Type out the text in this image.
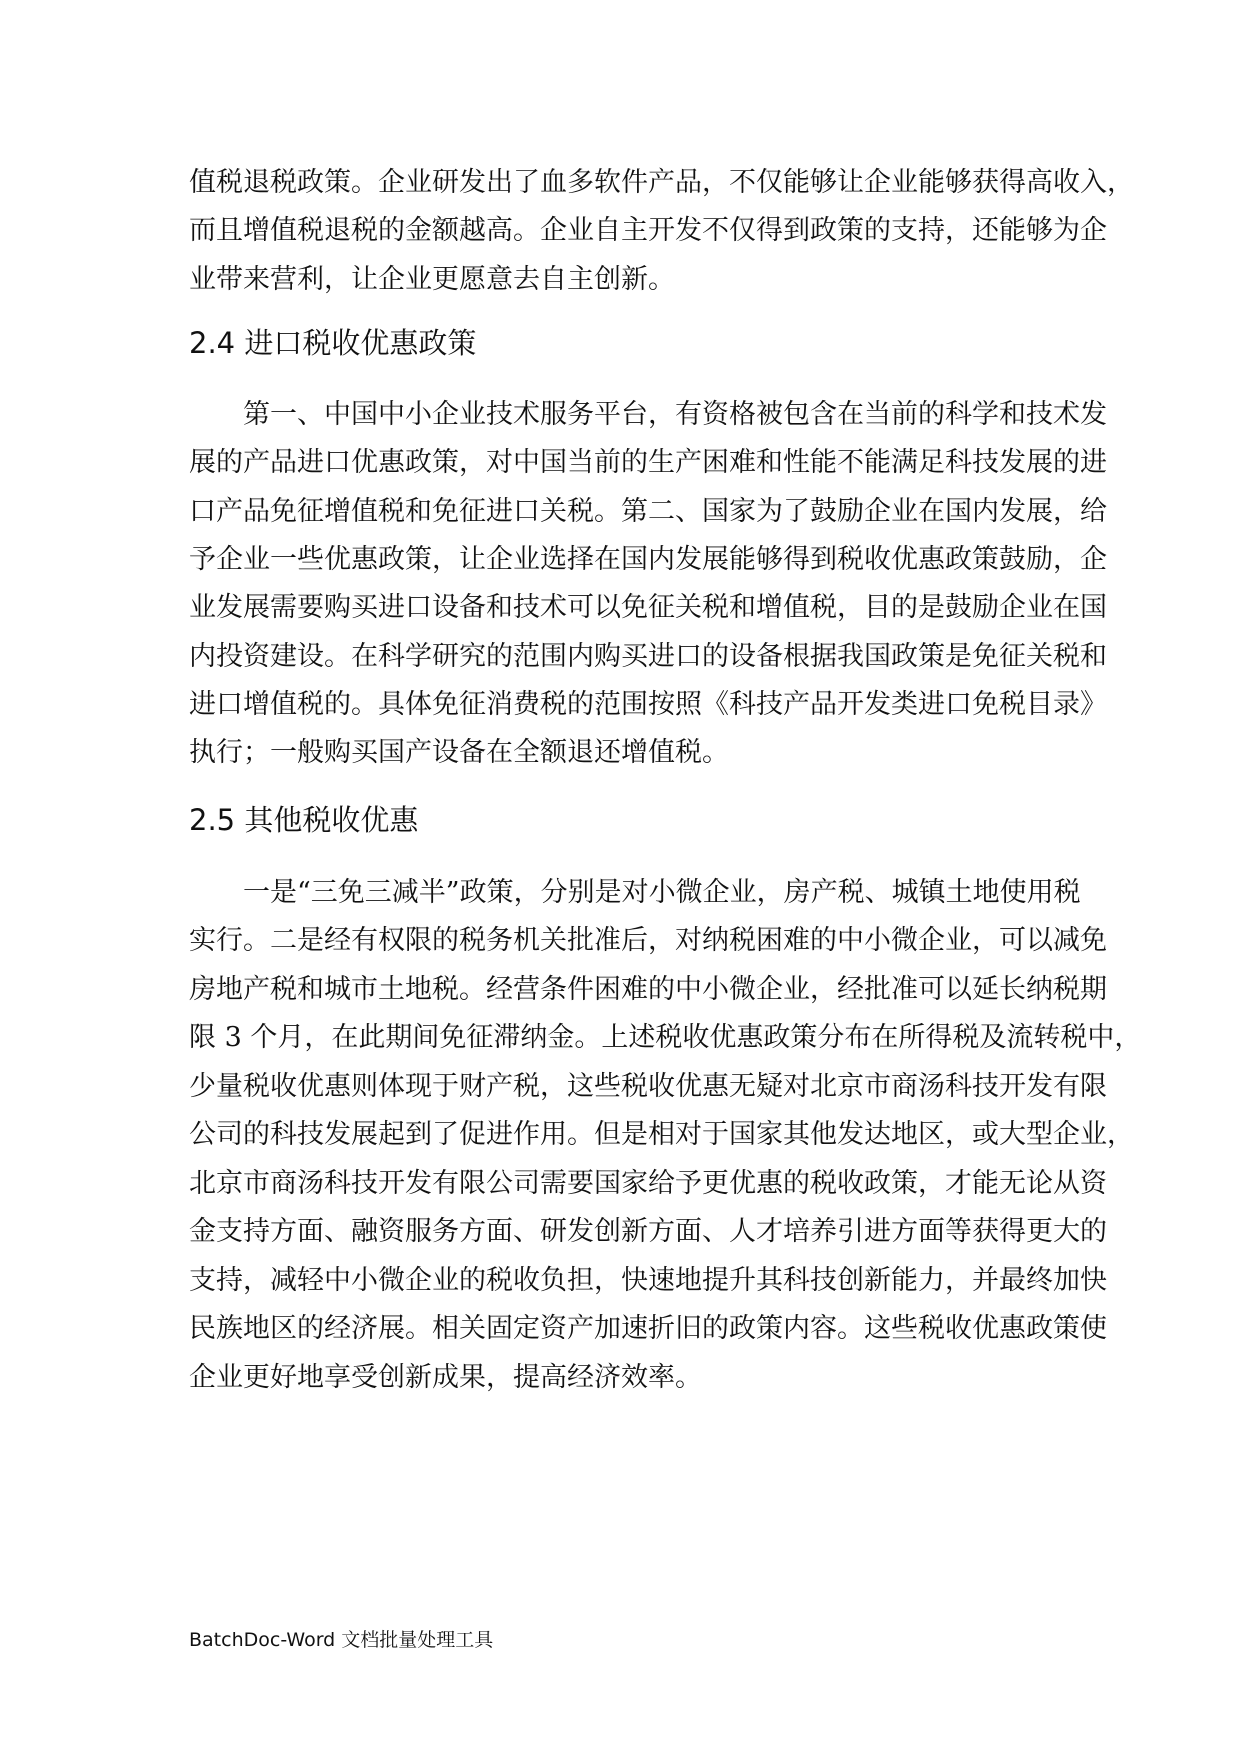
值税退税政策。企业研发出了血多软件产品，不仅能够让企业能够获得高收入，
而且增值税退税的金额越高。企业自主开发不仅得到政策的支持，还能够为企
业带来营利，让企业更愿意去自主创新。
2.4 进口税收优惠政策
第一、中国中小企业技术服务平台，有资格被包含在当前的科学和技术发
展的产品进口优惠政策，对中国当前的生产困难和性能不能满足科技发展的进
口产品免征增值税和免征进口关税。第二、国家为了鼓励企业在国内发展，给
予企业一些优惠政策，让企业选择在国内发展能够得到税收优惠政策鼓励，企
业发展需要购买进口设备和技术可以免征关税和增值税，目的是鼓励企业在国
内投资建设。在科学研究的范围内购买进口的设备根据我国政策是免征关税和
进口增值税的。具体免征消费税的范围按照《科技产品开发类进口免税目录》
执行；一般购买国产设备在全额退还增值税。
2.5 其他税收优惠
一是“三免三减半”政策，分别是对小微企业，房产税、城镇土地使用税
实行。二是经有权限的税务机关批准后，对纳税困难的中小微企业，可以减免
房地产税和城市土地税。经营条件困难的中小微企业，经批准可以延长纳税期
限 3 个月，在此期间免征滞纳金。上述税收优惠政策分布在所得税及流转税中，
少量税收优惠则体现于财产税，这些税收优惠无疑对北京市商汤科技开发有限
公司的科技发展起到了促进作用。但是相对于国家其他发达地区，或大型企业，
北京市商汤科技开发有限公司需要国家给予更优惠的税收政策，才能无论从资
金支持方面、融资服务方面、研发创新方面、人才培养引进方面等获得更大的
支持，减轻中小微企业的税收负担，快速地提升其科技创新能力，并最终加快
民族地区的经济展。相关固定资产加速折旧的政策内容。这些税收优惠政策使
企业更好地享受创新成果，提高经济效率。
BatchDoc-Word 文档批量处理工具
